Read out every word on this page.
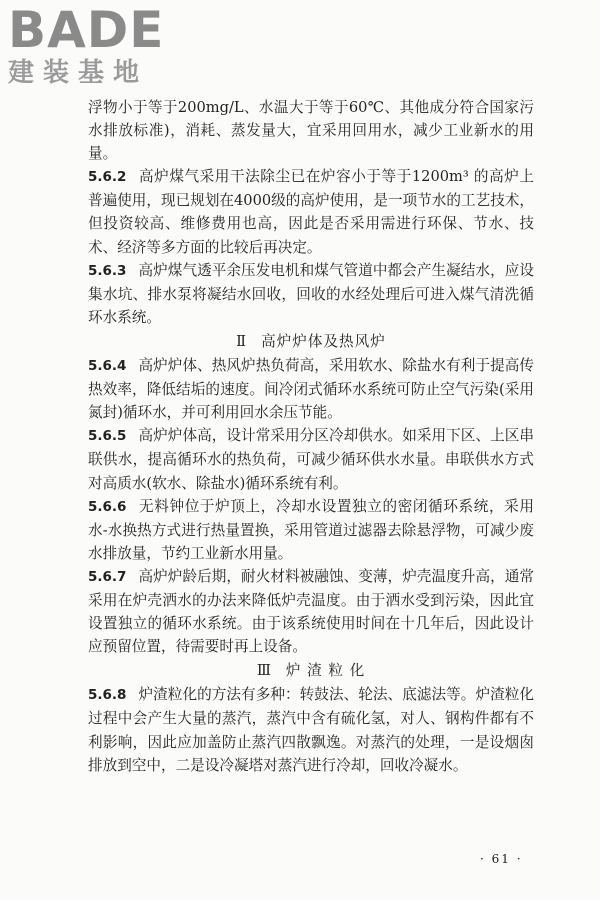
BADE
建装基地

浮物小于等于200mg/L、水温大于等于60℃、其他成分符合国家污水排放标准)，消耗、蒸发量大，宜采用回用水，减少工业新水的用量。

5.6.2 高炉煤气采用干法除尘已在炉容小于等于1200m³ 的高炉上普遍使用，现已规划在4000级的高炉使用，是一项节水的工艺技术，但投资较高、维修费用也高，因此是否采用需进行环保、节水、技术、经济等多方面的比较后再决定。

5.6.3 高炉煤气透平余压发电机和煤气管道中都会产生凝结水，应设集水坑、排水泵将凝结水回收，回收的水经处理后可进入煤气清洗循环水系统。

Ⅱ 高炉炉体及热风炉

5.6.4 高炉炉体、热风炉热负荷高，采用软水、除盐水有利于提高传热效率，降低结垢的速度。间冷闭式循环水系统可防止空气污染(采用氮封)循环水，并可利用回水余压节能。

5.6.5 高炉炉体高，设计常采用分区冷却供水。如采用下区、上区串联供水，提高循环水的热负荷，可减少循环供水水量。串联供水方式对高质水(软水、除盐水)循环系统有利。

5.6.6 无料钟位于炉顶上，冷却水设置独立的密闭循环系统，采用水-水换热方式进行热量置换，采用管道过滤器去除悬浮物，可减少废水排放量，节约工业新水用量。

5.6.7 高炉炉龄后期，耐火材料被融蚀、变薄，炉壳温度升高，通常采用在炉壳洒水的办法来降低炉壳温度。由于洒水受到污染，因此宜设置独立的循环水系统。由于该系统使用时间在十几年后，因此设计应预留位置，待需要时再上设备。

Ⅲ 炉 渣 粒 化

5.6.8 炉渣粒化的方法有多种：转鼓法、轮法、底滤法等。炉渣粒化过程中会产生大量的蒸汽，蒸汽中含有硫化氢，对人、钢构件都有不利影响，因此应加盖防止蒸汽四散飘逸。对蒸汽的处理，一是设烟囱排放到空中，二是设冷凝塔对蒸汽进行冷却，回收冷凝水。

· 61 ·
